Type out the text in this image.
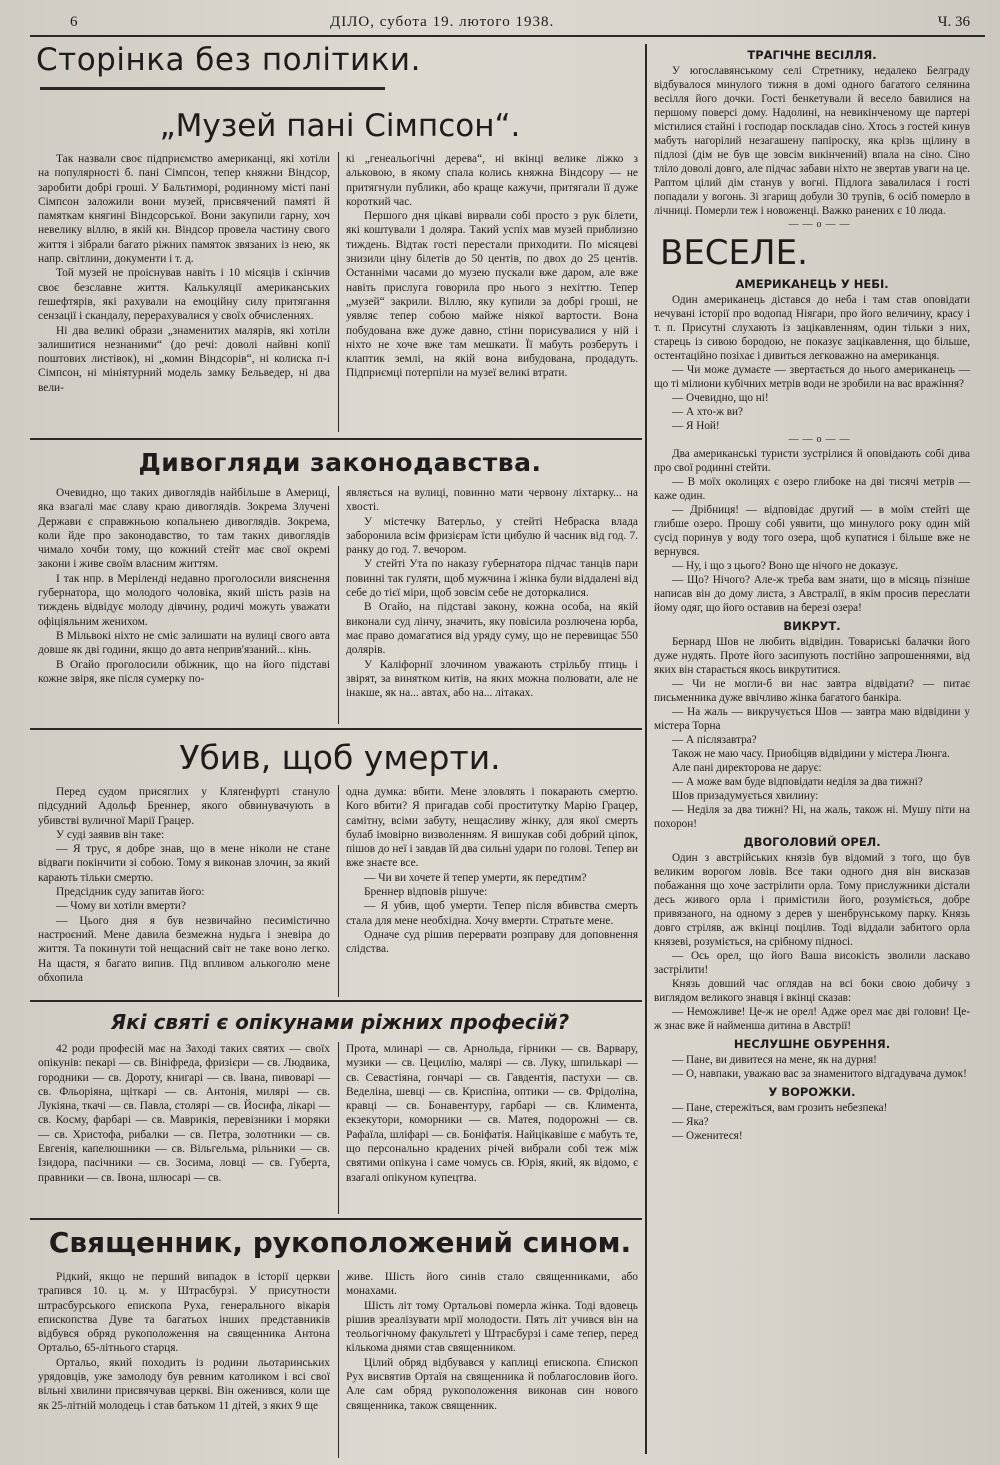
6	ДІЛО, субота 19. лютого 1938.	Ч. 36
Сторінка без політики.
„Музей пані Сімпсон“.

Так назвали своє підприємство американці, які хотіли на популярності б. пані Сімпсон, тепер княжни Віндсор, заробити добрі гроші. У Бальтиморі, родинному місті пані Сімпсон заложили вони музей, присвячений памяті й памяткам княгині Віндсорської. Вони закупили гарну, хоч невелику віллю, в якій кн. Віндсор провела частину свого життя і зібрали багато ріжних памяток звязаних із нею, як напр. світлини, документи і т. д.

Той музей не проіснував навіть і 10 місяців і скінчив своє безславне життя. Калькуляції американських ґешефтярів, які рахували на емоційну силу притягання сензації і скандалу, перерахувалися у своїх обчисленнях.

Ні два великі образи „знаменитих малярів, які хотіли залишитися незнаними“ (до речі: доволі найвні копії поштових листівок), ні „комин Віндсорів“, ні колиска п-і Сімпсон, ні мініятурний модель замку Бельведер, ні два вели-

кі „генеальогічні дерева“, ні вкінці велике ліжко з альковою, в якому спала колись княжна Віндсору — не притягнули публики, або краще кажучи, притягали її дуже короткий час.

Першого дня цікаві вирвали собі просто з рук білети, які коштували 1 доляра. Такий успіх мав музей приблизно тиждень. Відтак гості перестали приходити. По місяцеві знизили ціну білетів до 50 центів, по двох до 25 центів. Останніми часами до музею пускали вже даром, але вже навіть прислуга говорила про нього з нехіттю. Тепер „музей“ закрили. Віллю, яку купили за добрі гроші, не уявляє тепер собою майже ніякої вартости. Вона побудована вже дуже давно, стіни порисувалися у ній і ніхто не хоче вже там мешкати. Її мабуть розберуть і клаптик землі, на якій вона вибудована, продадуть. Підприємці потерпіли на музеї великі втрати.

Дивогляди законодавства.

Очевидно, що таких дивоглядів найбільше в Америці, яка взагалі має славу краю дивоглядів. Зокрема Злучені Держави є справжньою копальнею дивоглядів. Зокрема, коли йде про законодавство, то там таких дивоглядів чимало хочби тому, що кожний стейт має свої окремі закони і живе своїм власним життям.

І так нпр. в Меріленді недавно проголосили вияснення губернатора, що молодого чоловіка, який шість разів на тиждень відвідує молоду дівчину, родичі можуть уважати офіціяльним женихом.

В Мільвокі ніхто не сміє залишати на вулиці свого авта довше як дві години, якщо до авта неприв'язаний... кінь.

В Огайо проголосили обіжник, що на його підставі кожне звіря, яке після сумерку по-

являється на вулиці, повинно мати червону ліхтарку... на хвості.

У містечку Ватерльо, у стейті Небраска влада заборонила всім фризієрам їсти цибулю й часник від год. 7. ранку до год. 7. вечором.

У стейті Ута по наказу губернатора підчас танців пари повинні так гуляти, щоб мужчина і жінка були віддалені від себе до тієї міри, щоб зовсім себе не доторкалися.

В Огайо, на підставі закону, кожна особа, на якій виконали суд лінчу, значить, яку повісила розлючена юрба, має право домагатися від уряду суму, що не перевищає 550 долярів.

У Каліфорнії злочином уважають стрільбу птиць і звірят, за винятком китів, на яких можна полювати, але не інакше, як на... автах, або на... літаках.

Убив, щоб умерти.

Перед судом присяглих у Кляґенфурті стануло підсудний Адольф Бреннер, якого обвинувачують в убивстві вуличної Марії Грацер.

У суді заявив він таке:

— Я трус, я добре знав, що в мене ніколи не стане відваги покінчити зі собою. Тому я виконав злочин, за який карають тільки смертю.

Предсідник суду запитав його:

— Чому ви хотіли вмерти?

— Цього дня я був незвичайно песимістично настроєний. Мене давила безмежна нудьга і зневіра до життя. Та покинути той нещасний світ не таке воно легко. На щастя, я багато випив. Під впливом алькоголю мене обхопила

одна думка: вбити. Мене зловлять і покарають смертю. Кого вбити? Я пригадав собі проститутку Марію Грацер, самітну, всіми забуту, нещасливу жінку, для якої смерть булаб імовірно визволенням. Я вишукав собі добрий ціпок, пішов до неї і завдав їй два сильні удари по голові. Тепер ви вже знаєте все.

— Чи ви хочете й тепер умерти, як передтим?

Бреннер відповів рішуче:

— Я убив, щоб умерти. Тепер після вбивства смерть стала для мене необхідна. Хочу вмерти. Стратьте мене.

Одначе суд рішив перервати розправу для доповнення слідства.

Які святі є опікунами ріжних професій?

42 роди професій має на Заході таких святих — своїх опікунів: пекарі — св. Вініфреда, фризієри — св. Людвика, городники — св. Дороту, книгарі — св. Івана, пивоварі — св. Фльоріяна, щіткарі — св. Антонія, милярі — св. Лукіяна, ткачі — св. Павла, столярі — св. Йосифа, лікарі — св. Косму, фарбарі — св. Маврикія, перевізники і моряки — св. Христофа, рибалки — св. Петра, золотники — св. Евгенія, капелюшники — св. Вільгельма, рільники — св. Ізидора, пасічники — св. Зосима, ловці — св. Губерта, правники — св. Івона, шлюсарі — св.

Прота, млинарі — св. Арнольда, гірники — св. Варвару, музики — св. Цецилію, малярі — св. Луку, шпилькарі — св. Севастіяна, гончарі — св. Гавдентія, пастухи — св. Веделіна, шевці — св. Криспіна, оптики — св. Фрідоліна, кравці — св. Бонавентуру, гарбарі — св. Климента, екзекутори, коморники — св. Матея, подорожні — св. Рафаїла, шліфарі — св. Боніфатія. Найцікавіше є мабуть те, що персонально крадених річей вибрали собі теж між святими опікуна і саме чомусь св. Юрія, який, як відомо, є взагалі опікуном купецтва.

Священник, рукоположений сином.

Рідкий, якщо не перший випадок в історії церкви трапився 10. ц. м. у Штрасбурзі. У присутности штрасбурського епископа Руха, генерального вікарія епископства Дуве та багатьох інших представників відбувся обряд рукоположення на священника Антона Ортальо, 65-літнього старця.

Ортальо, який походить із родини льотаринських урядовців, уже замолоду був ревним католиком і всі свої вільні хвилини присвячував церкві. Він оженився, коли ще як 25-літній молодець і став батьком 11 дітей, з яких 9 ще

живе. Шість його синів стало священниками, або монахами.

Шість літ тому Ортальові померла жінка. Тоді вдовець рішив зреалізувати мрії молодости. Пять літ учився він на теольогічному факультеті у Штрасбурзі і саме тепер, перед кількома днями став священником.

Цілий обряд відбувався у каплиці епископа. Єпископ Рух висвятив Ортаїя на священника й поблагословив його. Але сам обряд рукоположення виконав син нового священника, також священник.

ТРАГІЧНЕ ВЕСІЛЛЯ.

У югославянському селі Стретнику, недалеко Белграду відбувалося минулого тижня в домі одного багатого селянина весілля його дочки. Гості бенкетували й весело бавилися на першому поверсі дому. Надолині, на невикінченому ще партері містилися стайні і господар поскладав сіно. Хтось з гостей кинув мабуть нагорілий незагашену папіроску, яка крізь щілину в підлозі (дім не був ще зовсім викінчений) впала на сіно. Сіно тліло доволі довго, але підчас забави ніхто не звертав уваги на це. Раптом цілий дім станув у вогні. Підлога завалилася і гості попадали у вогонь. Зі згарищ добули 30 трупів, 6 осіб померло в лічниці. Померли теж і новоженці. Важко ранених є 10 люда.

——о——

ВЕСЕЛЕ.
АМЕРИКАНЕЦЬ У НЕБІ.

Один американець дістався до неба і там став оповідати нечувані історії про водопад Ніягари, про його величину, красу і т. п. Присутні слухають із зацікавленням, один тільки з них, старець із сивою бородою, не показує зацікавлення, що більше, остентаційно позіхає і дивиться легковажно на американця.

— Чи може думаєте — звертається до нього американець — що ті мілиони кубічних метрів води не зробили на вас вражіння?

— Очевидно, що ні!

— А хто-ж ви?

— Я Ной!

——о——

Два американські туристи зустрілися й оповідають собі дива про свої родинні стейти.

— В моїх околицях є озеро глибоке на дві тисячі метрів — каже один.

— Дрібниця! — відповідає другий — в моїм стейті ще глибше озеро. Прошу собі уявити, що минулого року один мій сусід поринув у воду того озера, щоб купатися і більше вже не вернувся.

— Ну, і що з цього? Воно ще нічого не доказує.

— Що? Нічого? Але-ж треба вам знати, що в місяць пізніше написав він до дому листа, з Австралії, в якім просив переслати йому одяг, що його оставив на березі озера!

ВИКРУТ.

Бернард Шов не любить відвідин. Товариські балачки його дуже нудять. Проте його засипують постійно запрошеннями, від яких він старається якось викрутитися.

— Чи не могли-б ви нас завтра відвідати? — питає письменника дуже ввічливо жінка багатого банкіра.

— На жаль — викручується Шов — завтра маю відвідини у містера Торна

— А післязавтра?

Також не маю часу. Приобіцяв відвідини у містера Люнга.

Але пані директорова не дарує:

— А може вам буде відповідати неділя за два тижні?

Шов призадумується хвилину:

— Неділя за два тижні? Ні, на жаль, також ні. Мушу піти на похорон!

ДВОГОЛОВИЙ ОРЕЛ.

Один з австрійських князів був відомий з того, що був великим ворогом ловів. Все таки одного дня він висказав побажання що хоче застрілити орла. Тому прислужники дістали десь живого орла і примістили його, розуміється, добре привязаного, на одному з дерев у шенбрунському парку. Князь довго стріляв, аж вкінці поцілив. Тоді віддали забитого орла князеві, розуміється, на срібному підносі.

— Ось орел, що його Ваша високість зволили ласкаво застрілити!

Князь довший час оглядав на всі боки свою добичу з виглядом великого знавця і вкінці сказав:

— Неможливе! Це-ж не орел! Адже орел має дві голови! Це-ж знає вже й найменша дитина в Австрії!

НЕСЛУШНЕ ОБУРЕННЯ.

— Пане, ви дивитеся на мене, як на дурня!

— О, навпаки, уважаю вас за знаменитого відгадувача думок!

У ВОРОЖКИ.

— Пане, стережіться, вам грозить небезпека!

— Яка?

— Оженитеся!
